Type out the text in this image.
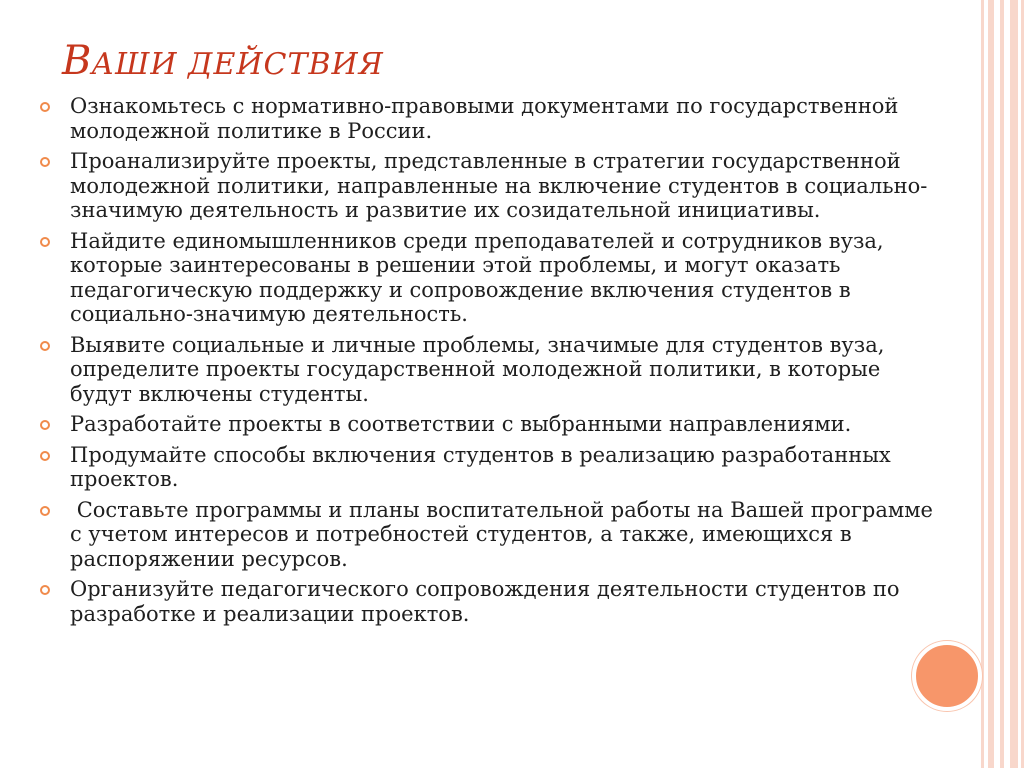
ВАШИ ДЕЙСТВИЯ
Ознакомьтесь с нормативно-правовыми документами по государственной молодежной политике в России.
Проанализируйте проекты, представленные в стратегии государственной молодежной политики, направленные на включение студентов в социально-значимую деятельность и развитие их созидательной инициативы.
Найдите единомышленников среди преподавателей и сотрудников вуза, которые заинтересованы в решении этой проблемы, и могут оказать педагогическую поддержку и сопровождение включения студентов в социально-значимую деятельность.
Выявите социальные и личные проблемы, значимые для студентов вуза, определите проекты государственной молодежной политики, в которые будут включены студенты.
Разработайте проекты в соответствии с выбранными направлениями.
Продумайте способы включения студентов в реализацию разработанных проектов.
Составьте программы и планы воспитательной работы на Вашей программе с учетом интересов и потребностей студентов, а также, имеющихся в распоряжении ресурсов.
Организуйте педагогического сопровождения деятельности студентов по разработке и реализации проектов.
